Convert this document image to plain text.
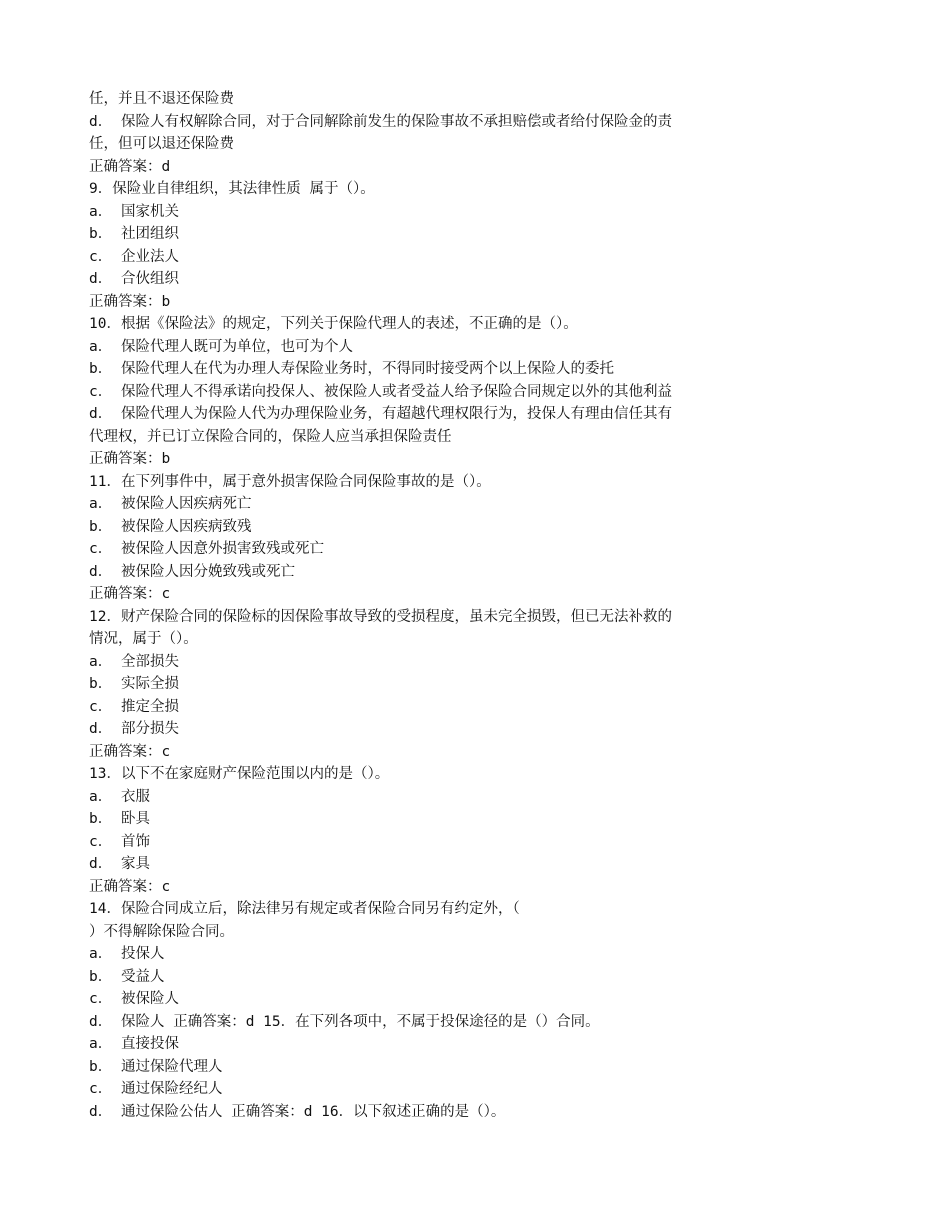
任，并且不退还保险费
d． 保险人有权解除合同，对于合同解除前发生的保险事故不承担赔偿或者给付保险金的责
任，但可以退还保险费
正确答案：d
9．保险业自律组织，其法律性质 属于（）。
a． 国家机关
b． 社团组织
c． 企业法人
d． 合伙组织
正确答案：b
10．根据《保险法》的规定，下列关于保险代理人的表述，不正确的是（）。
a． 保险代理人既可为单位，也可为个人
b． 保险代理人在代为办理人寿保险业务时，不得同时接受两个以上保险人的委托
c． 保险代理人不得承诺向投保人、被保险人或者受益人给予保险合同规定以外的其他利益
d． 保险代理人为保险人代为办理保险业务，有超越代理权限行为，投保人有理由信任其有
代理权，并已订立保险合同的，保险人应当承担保险责任
正确答案：b
11．在下列事件中，属于意外损害保险合同保险事故的是（）。
a． 被保险人因疾病死亡
b． 被保险人因疾病致残
c． 被保险人因意外损害致残或死亡
d． 被保险人因分娩致残或死亡
正确答案：c
12．财产保险合同的保险标的因保险事故导致的受损程度，虽未完全损毁，但已无法补救的
情况，属于（）。
a． 全部损失
b． 实际全损
c． 推定全损
d． 部分损失
正确答案：c
13．以下不在家庭财产保险范围以内的是（）。
a． 衣服
b． 卧具
c． 首饰
d． 家具
正确答案：c
14．保险合同成立后，除法律另有规定或者保险合同另有约定外，（
）不得解除保险合同。
a． 投保人
b． 受益人
c． 被保险人
d． 保险人 正确答案：d 15．在下列各项中，不属于投保途径的是（）合同。
a． 直接投保
b． 通过保险代理人
c． 通过保险经纪人
d． 通过保险公估人 正确答案：d 16．以下叙述正确的是（）。
